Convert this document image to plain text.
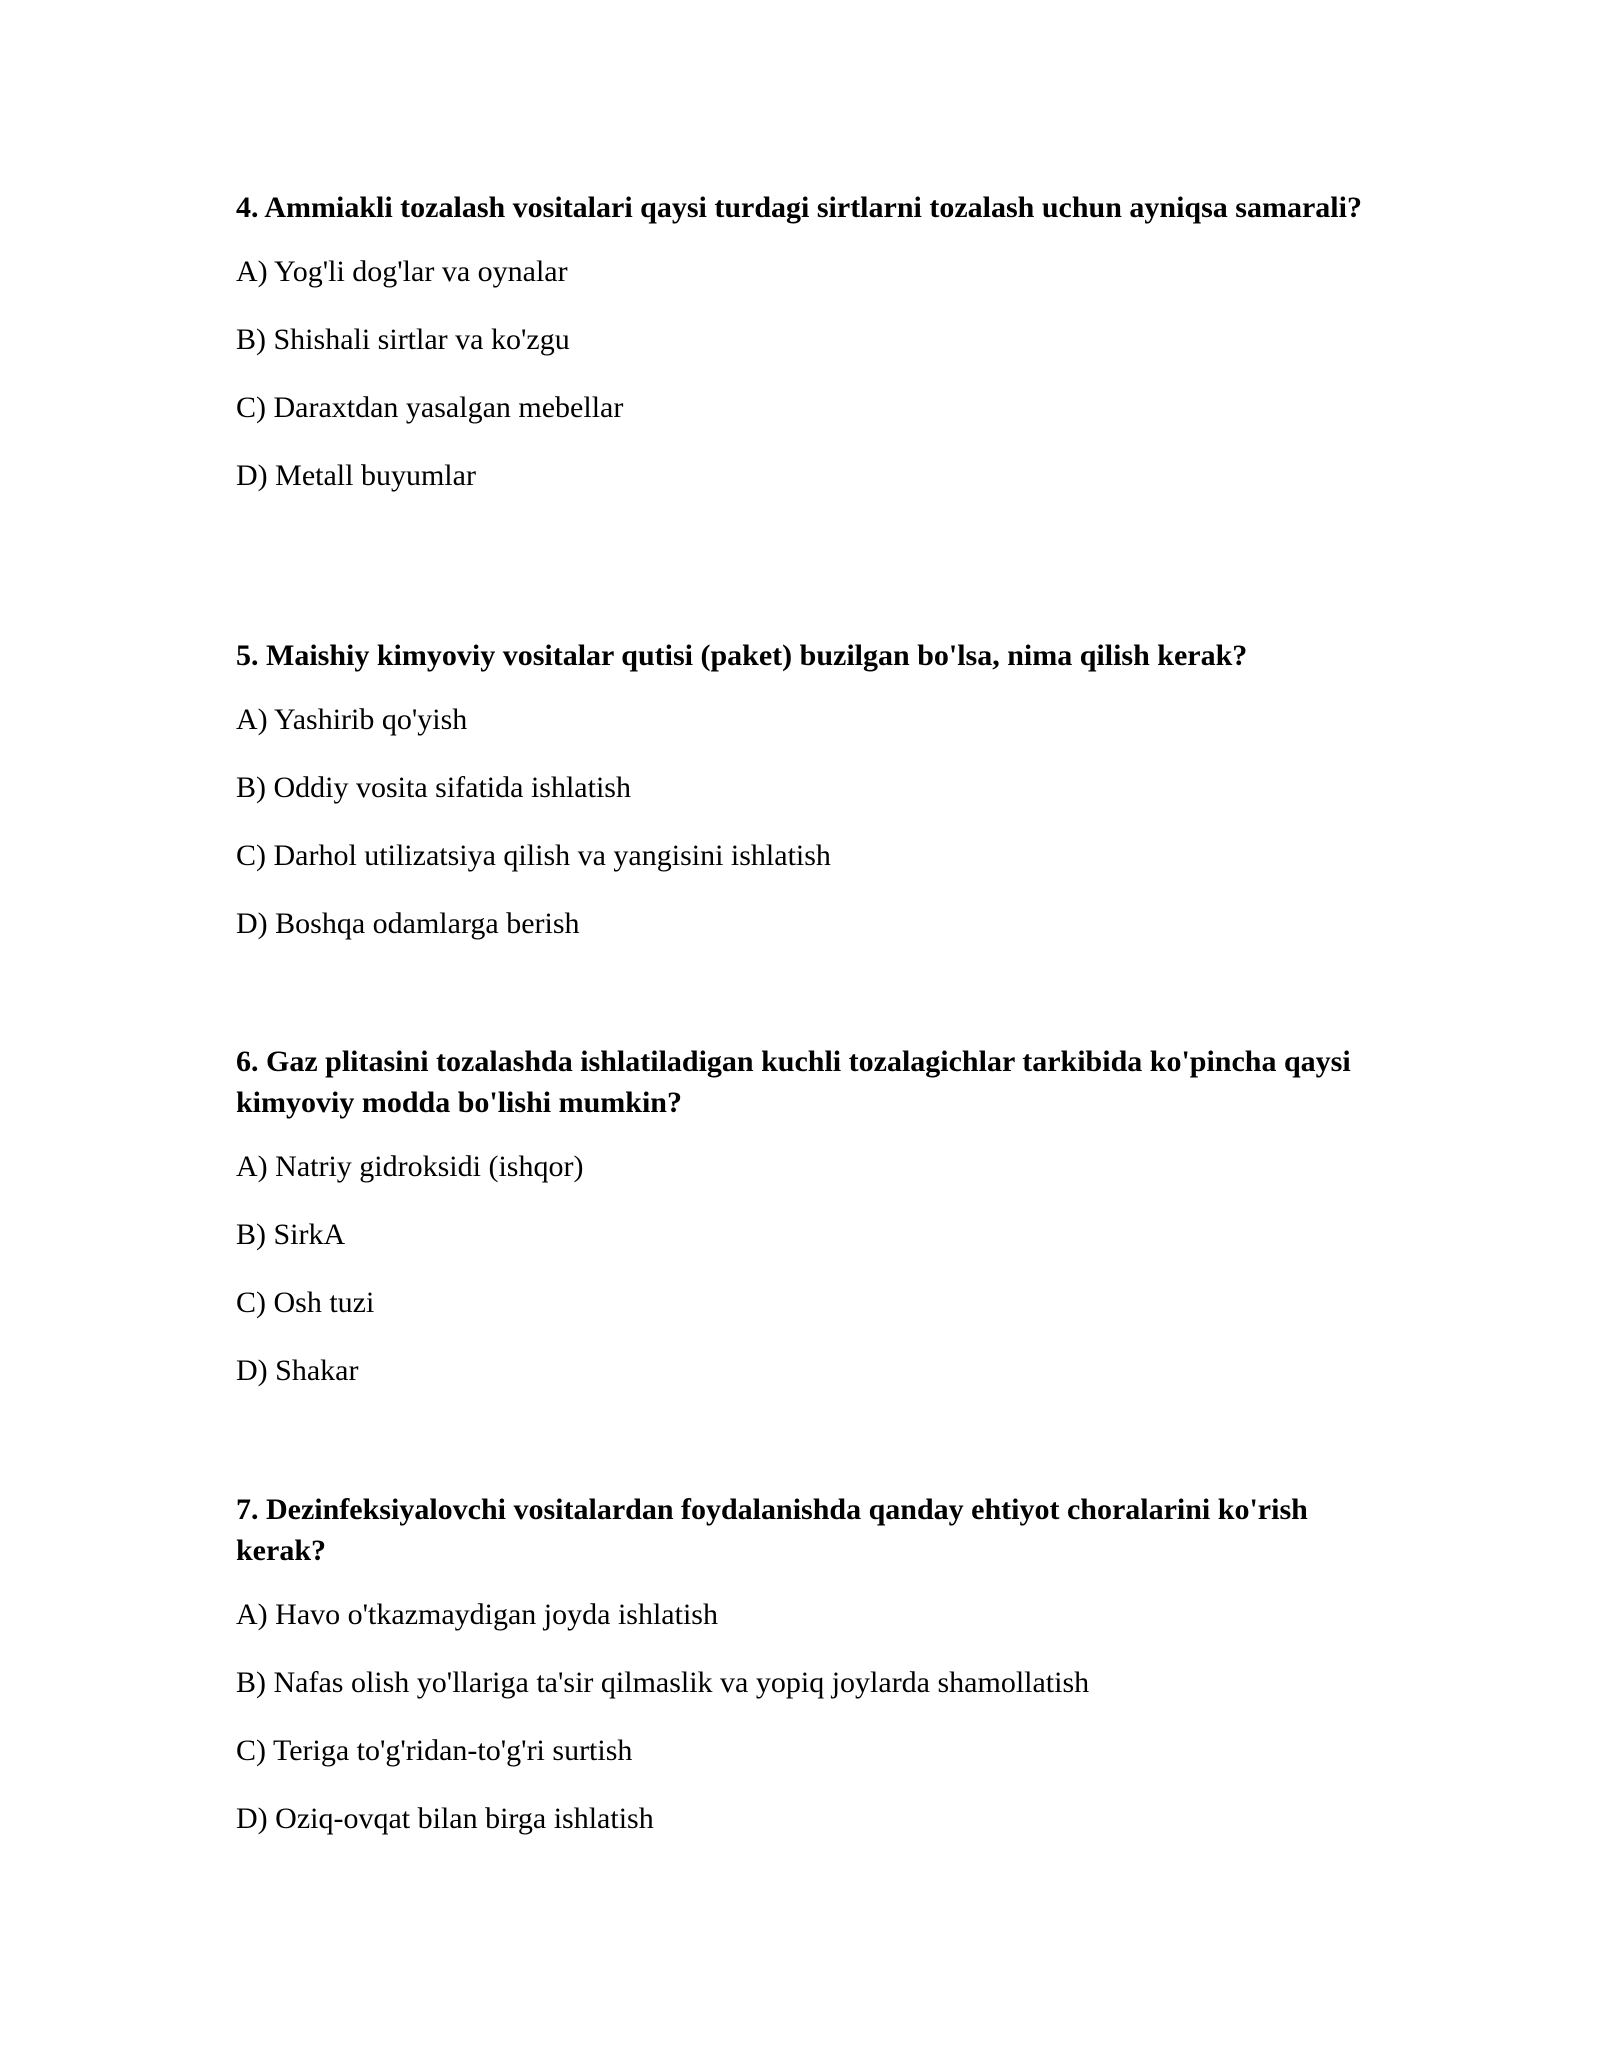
4. Ammiakli tozalash vositalari qaysi turdagi sirtlarni tozalash uchun ayniqsa samarali?

A) Yog'li dog'lar va oynalar

B) Shishali sirtlar va ko'zgu

C) Daraxtdan yasalgan mebellar

D) Metall buyumlar

5. Maishiy kimyoviy vositalar qutisi (paket) buzilgan bo'lsa, nima qilish kerak?

A) Yashirib qo'yish

B) Oddiy vosita sifatida ishlatish

C) Darhol utilizatsiya qilish va yangisini ishlatish

D) Boshqa odamlarga berish

6. Gaz plitasini tozalashda ishlatiladigan kuchli tozalagichlar tarkibida ko'pincha qaysi kimyoviy modda bo'lishi mumkin?

A) Natriy gidroksidi (ishqor)

B) SirkA

C) Osh tuzi

D) Shakar

7. Dezinfeksiyalovchi vositalardan foydalanishda qanday ehtiyot choralarini ko'rish kerak?

A) Havo o'tkazmaydigan joyda ishlatish

B) Nafas olish yo'llariga ta'sir qilmaslik va yopiq joylarda shamollatish

C) Teriga to'g'ridan-to'g'ri surtish

D) Oziq-ovqat bilan birga ishlatish
